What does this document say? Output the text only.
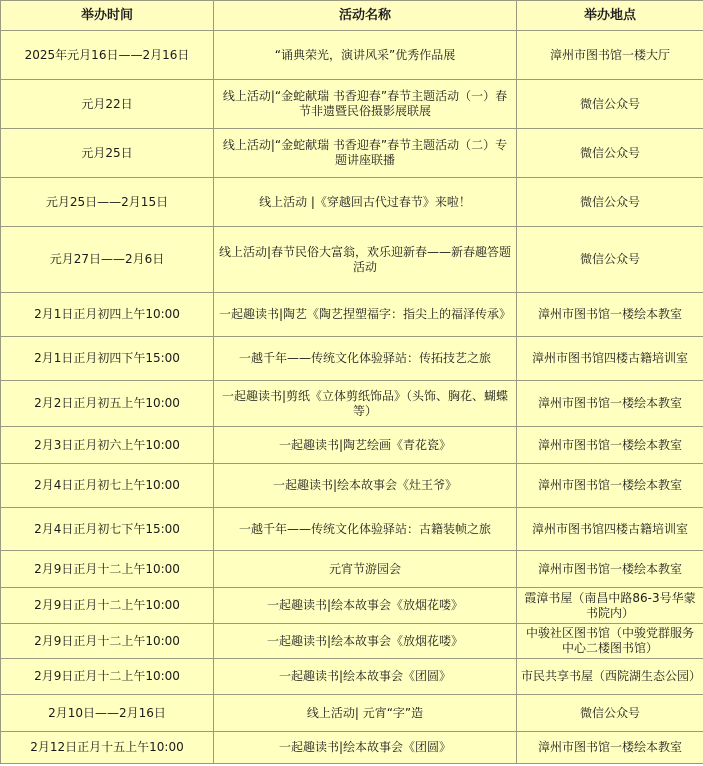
举办时间	活动名称	举办地点
2025年元月16日——2月16日	“诵典荣光，演讲风采”优秀作品展	漳州市图书馆一楼大厅
元月22日	线上活动|“金蛇献瑞 书香迎春”春节主题活动（一）春节非遗暨民俗摄影展联展	微信公众号
元月25日	线上活动|“金蛇献瑞 书香迎春”春节主题活动（二）专题讲座联播	微信公众号
元月25日——2月15日	线上活动 |《穿越回古代过春节》来啦！	微信公众号
元月27日——2月6日	线上活动|春节民俗大富翁，欢乐迎新春——新春趣答题活动	微信公众号
2月1日正月初四上午10:00	一起趣读书|陶艺《陶艺捏塑福字：指尖上的福泽传承》	漳州市图书馆一楼绘本教室
2月1日正月初四下午15:00	一越千年——传统文化体验驿站：传拓技艺之旅	漳州市图书馆四楼古籍培训室
2月2日正月初五上午10:00	一起趣读书|剪纸《立体剪纸饰品》（头饰、胸花、蝴蝶等）	漳州市图书馆一楼绘本教室
2月3日正月初六上午10:00	一起趣读书|陶艺绘画《青花瓷》	漳州市图书馆一楼绘本教室
2月4日正月初七上午10:00	一起趣读书|绘本故事会《灶王爷》	漳州市图书馆一楼绘本教室
2月4日正月初七下午15:00	一越千年——传统文化体验驿站：古籍装帧之旅	漳州市图书馆四楼古籍培训室
2月9日正月十二上午10:00	元宵节游园会	漳州市图书馆一楼绘本教室
2月9日正月十二上午10:00	一起趣读书|绘本故事会《放烟花喽》	霞漳书屋（南昌中路86-3号华蒙书院内）
2月9日正月十二上午10:00	一起趣读书|绘本故事会《放烟花喽》	中骏社区图书馆（中骏党群服务中心二楼图书馆）
2月9日正月十二上午10:00	一起趣读书|绘本故事会《团圆》	市民共享书屋（西院湖生态公园）
2月10日——2月16日	线上活动| 元宵“字”造	微信公众号
2月12日正月十五上午10:00	一起趣读书|绘本故事会《团圆》	漳州市图书馆一楼绘本教室
